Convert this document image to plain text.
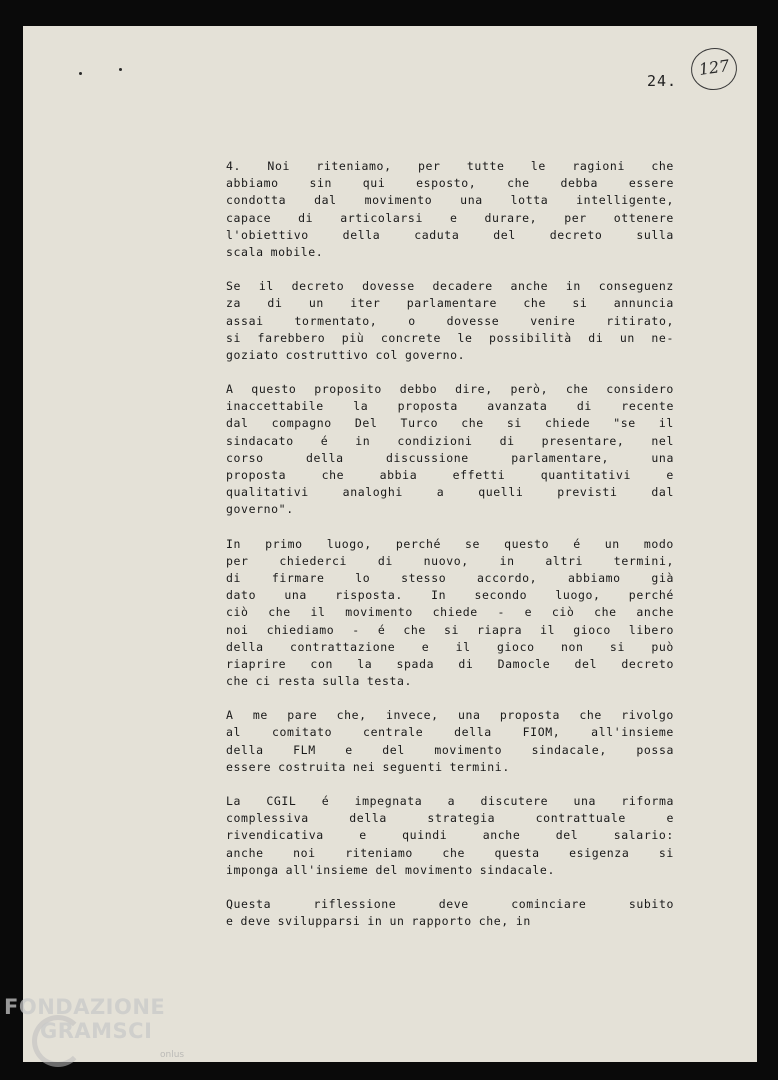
24.
127
4. Noi riteniamo, per tutte le ragioni che
abbiamo	sin	qui	esposto,	che	debba	essere
condotta dal movimento una lotta intelligente,
capace di articolarsi e durare, per ottenere
l'obiettivo	della	caduta	del	decreto	sulla
scala mobile.
Se il decreto dovesse decadere anche in conseguenz
za di un iter parlamentare che si annuncia
assai	tormentato,	o	dovesse	venire	ritirato,
si farebbero più concrete le possibilità di un ne-
goziato costruttivo col governo.
A questo proposito debbo dire, però, che considero
inaccettabile	la	proposta	avanzata	di	recente
dal compagno Del Turco che si chiede "se il
sindacato é in condizioni di presentare, nel
corso	della	discussione	parlamentare,	una
proposta	che	abbia	effetti	quantitativi	e
qualitativi	analoghi	a	quelli	previsti	dal
governo".
In primo luogo, perché se questo é un modo
per	chiederci	di	nuovo,	in	altri	termini,
di	firmare	lo	stesso	accordo,	abbiamo	già
dato una risposta. In secondo luogo, perché
ciò che il movimento chiede - e ciò che anche
noi chiediamo - é che si riapra il gioco libero
della contrattazione e il gioco non si può
riaprire con la spada di Damocle del decreto
che ci resta sulla testa.
A me pare che, invece, una proposta che rivolgo
al	comitato	centrale	della	FIOM,	all'insieme
della	FLM	e	del	movimento	sindacale,	possa
essere costruita nei seguenti termini.
La CGIL é impegnata a discutere una riforma
complessiva	della	strategia	contrattuale	e
rivendicativa	e	quindi	anche	del	salario:
anche	noi	riteniamo	che	questa	esigenza	si
imponga all'insieme del movimento sindacale.
Questa	riflessione	deve	cominciare	subito
e deve svilupparsi in un rapporto che, in
FONDAZIONE
GRAMSCI
onlus
